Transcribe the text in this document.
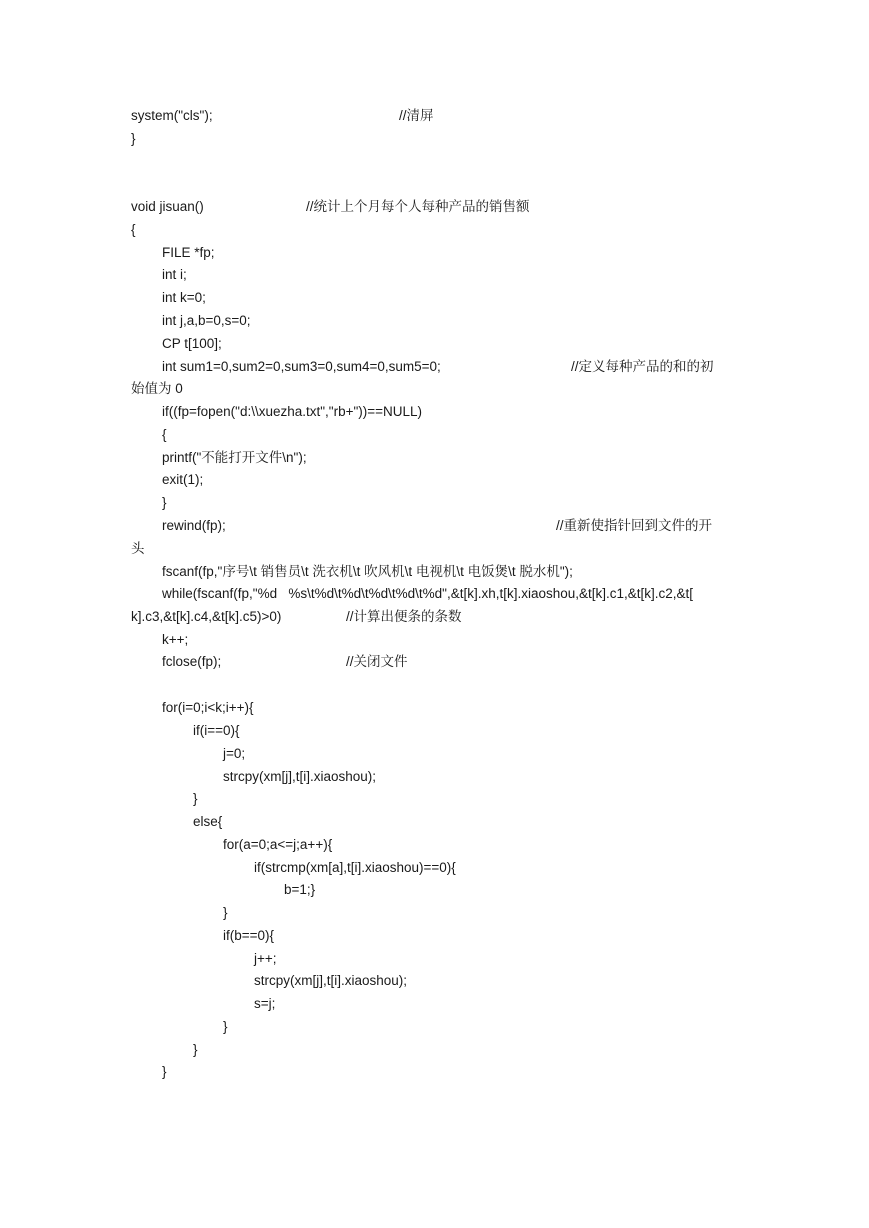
system("cls");	//清屏
}
void jisuan()	//统计上个月每个人每种产品的销售额
{
FILE *fp;
int i;
int k=0;
int j,a,b=0,s=0;
CP t[100];
int sum1=0,sum2=0,sum3=0,sum4=0,sum5=0;	//定义每种产品的和的初
始值为 0
if((fp=fopen("d:\\xuezha.txt","rb+"))==NULL)
{
printf("不能打开文件\n");
exit(1);
}
rewind(fp);	//重新使指针回到文件的开
头
fscanf(fp,"序号\t 销售员\t 洗衣机\t 吹风机\t 电视机\t 电饭煲\t 脱水机");
while(fscanf(fp,"%d   %s\t%d\t%d\t%d\t%d\t%d",&t[k].xh,t[k].xiaoshou,&t[k].c1,&t[k].c2,&t[
k].c3,&t[k].c4,&t[k].c5)>0)	//计算出便条的条数
k++;
fclose(fp);	//关闭文件
for(i=0;i<k;i++){
if(i==0){
j=0;
strcpy(xm[j],t[i].xiaoshou);
}
else{
for(a=0;a<=j;a++){
if(strcmp(xm[a],t[i].xiaoshou)==0){
b=1;}
}
if(b==0){
j++;
strcpy(xm[j],t[i].xiaoshou);
s=j;
}
}
}
